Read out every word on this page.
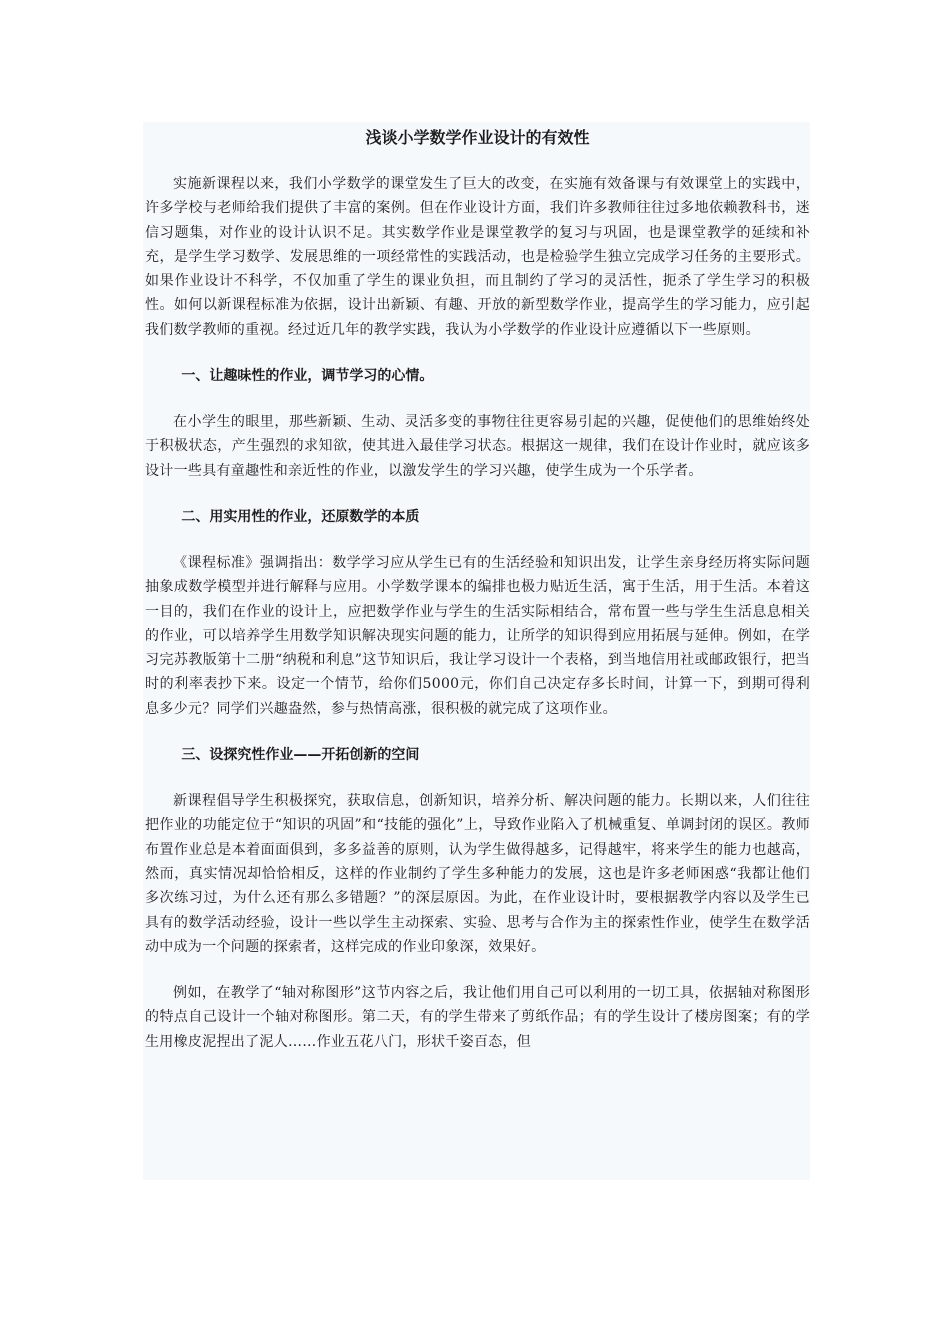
浅谈小学数学作业设计的有效性

实施新课程以来，我们小学数学的课堂发生了巨大的改变，在实施有效备课与有效课堂上的实践中，许多学校与老师给我们提供了丰富的案例。但在作业设计方面，我们许多教师往往过多地依赖教科书，迷信习题集，对作业的设计认识不足。其实数学作业是课堂教学的复习与巩固，也是课堂教学的延续和补充，是学生学习数学、发展思维的一项经常性的实践活动，也是检验学生独立完成学习任务的主要形式。如果作业设计不科学，不仅加重了学生的课业负担，而且制约了学习的灵活性，扼杀了学生学习的积极性。如何以新课程标准为依据，设计出新颖、有趣、开放的新型数学作业，提高学生的学习能力，应引起我们数学教师的重视。经过近几年的教学实践，我认为小学数学的作业设计应遵循以下一些原则。

一、让趣味性的作业，调节学习的心情。

在小学生的眼里，那些新颖、生动、灵活多变的事物往往更容易引起的兴趣，促使他们的思维始终处于积极状态，产生强烈的求知欲，使其进入最佳学习状态。根据这一规律，我们在设计作业时，就应该多设计一些具有童趣性和亲近性的作业，以激发学生的学习兴趣，使学生成为一个乐学者。

二、用实用性的作业，还原数学的本质

《课程标准》强调指出：数学学习应从学生已有的生活经验和知识出发，让学生亲身经历将实际问题抽象成数学模型并进行解释与应用。小学数学课本的编排也极力贴近生活，寓于生活，用于生活。本着这一目的，我们在作业的设计上，应把数学作业与学生的生活实际相结合，常布置一些与学生生活息息相关的作业，可以培养学生用数学知识解决现实问题的能力，让所学的知识得到应用拓展与延伸。例如，在学习完苏教版第十二册“纳税和利息”这节知识后，我让学习设计一个表格，到当地信用社或邮政银行，把当时的利率表抄下来。设定一个情节，给你们5000元，你们自己决定存多长时间，计算一下，到期可得利息多少元？同学们兴趣盎然，参与热情高涨，很积极的就完成了这项作业。

三、设探究性作业——开拓创新的空间

新课程倡导学生积极探究，获取信息，创新知识，培养分析、解决问题的能力。长期以来，人们往往把作业的功能定位于“知识的巩固”和“技能的强化”上，导致作业陷入了机械重复、单调封闭的误区。教师布置作业总是本着面面俱到，多多益善的原则，认为学生做得越多，记得越牢，将来学生的能力也越高，然而，真实情况却恰恰相反，这样的作业制约了学生多种能力的发展，这也是许多老师困惑“我都让他们多次练习过，为什么还有那么多错题？”的深层原因。为此，在作业设计时，要根据教学内容以及学生已具有的数学活动经验，设计一些以学生主动探索、实验、思考与合作为主的探索性作业，使学生在数学活动中成为一个问题的探索者，这样完成的作业印象深，效果好。

例如，在教学了“轴对称图形”这节内容之后，我让他们用自己可以利用的一切工具，依据轴对称图形的特点自己设计一个轴对称图形。第二天，有的学生带来了剪纸作品；有的学生设计了楼房图案；有的学生用橡皮泥捏出了泥人……作业五花八门，形状千姿百态，但
